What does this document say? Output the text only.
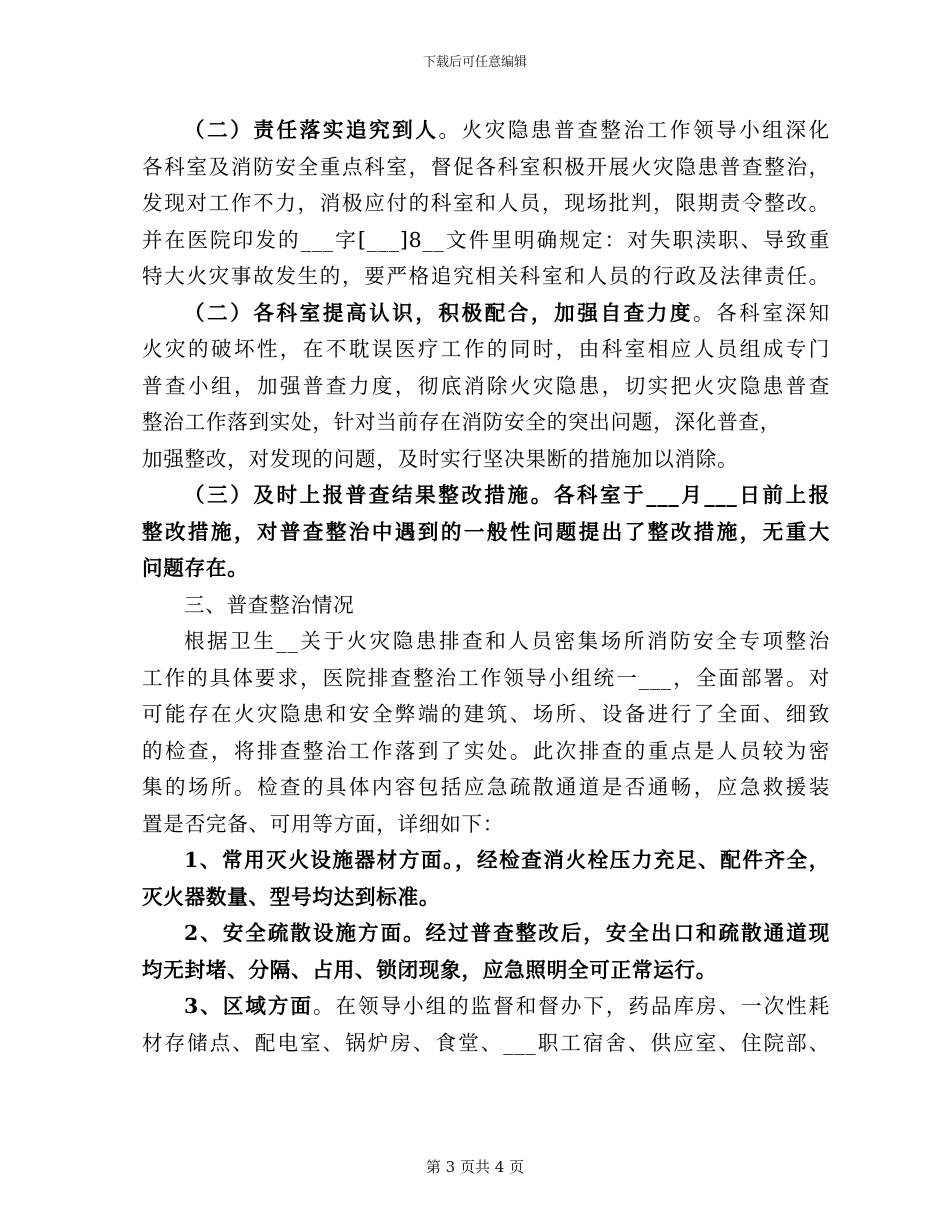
下载后可任意编辑
（二）责任落实追究到人。火灾隐患普查整治工作领导小组深化
各科室及消防安全重点科室，督促各科室积极开展火灾隐患普查整治，
发现对工作不力，消极应付的科室和人员，现场批判，限期责令整改。
并在医院印发的___字[___]8__文件里明确规定：对失职渎职、导致重
特大火灾事故发生的，要严格追究相关科室和人员的行政及法律责任。
（二）各科室提高认识，积极配合，加强自查力度。各科室深知
火灾的破坏性，在不耽误医疗工作的同时，由科室相应人员组成专门
普查小组，加强普查力度，彻底消除火灾隐患，切实把火灾隐患普查
整治工作落到实处，针对当前存在消防安全的突出问题，深化普查，
加强整改，对发现的问题，及时实行坚决果断的措施加以消除。
（三）及时上报普查结果整改措施。各科室于___月___日前上报
整改措施，对普查整治中遇到的一般性问题提出了整改措施，无重大
问题存在。
三、普查整治情况
根据卫生__关于火灾隐患排查和人员密集场所消防安全专项整治
工作的具体要求，医院排查整治工作领导小组统一___，全面部署。对
可能存在火灾隐患和安全弊端的建筑、场所、设备进行了全面、细致
的检查，将排查整治工作落到了实处。此次排查的重点是人员较为密
集的场所。检查的具体内容包括应急疏散通道是否通畅，应急救援装
置是否完备、可用等方面，详细如下：
1、常用灭火设施器材方面。，经检查消火栓压力充足、配件齐全，
灭火器数量、型号均达到标准。
2、安全疏散设施方面。经过普查整改后，安全出口和疏散通道现
均无封堵、分隔、占用、锁闭现象，应急照明全可正常运行。
3、区域方面。在领导小组的监督和督办下，药品库房、一次性耗
材存储点、配电室、锅炉房、食堂、___职工宿舍、供应室、住院部、
第 3 页共 4 页
